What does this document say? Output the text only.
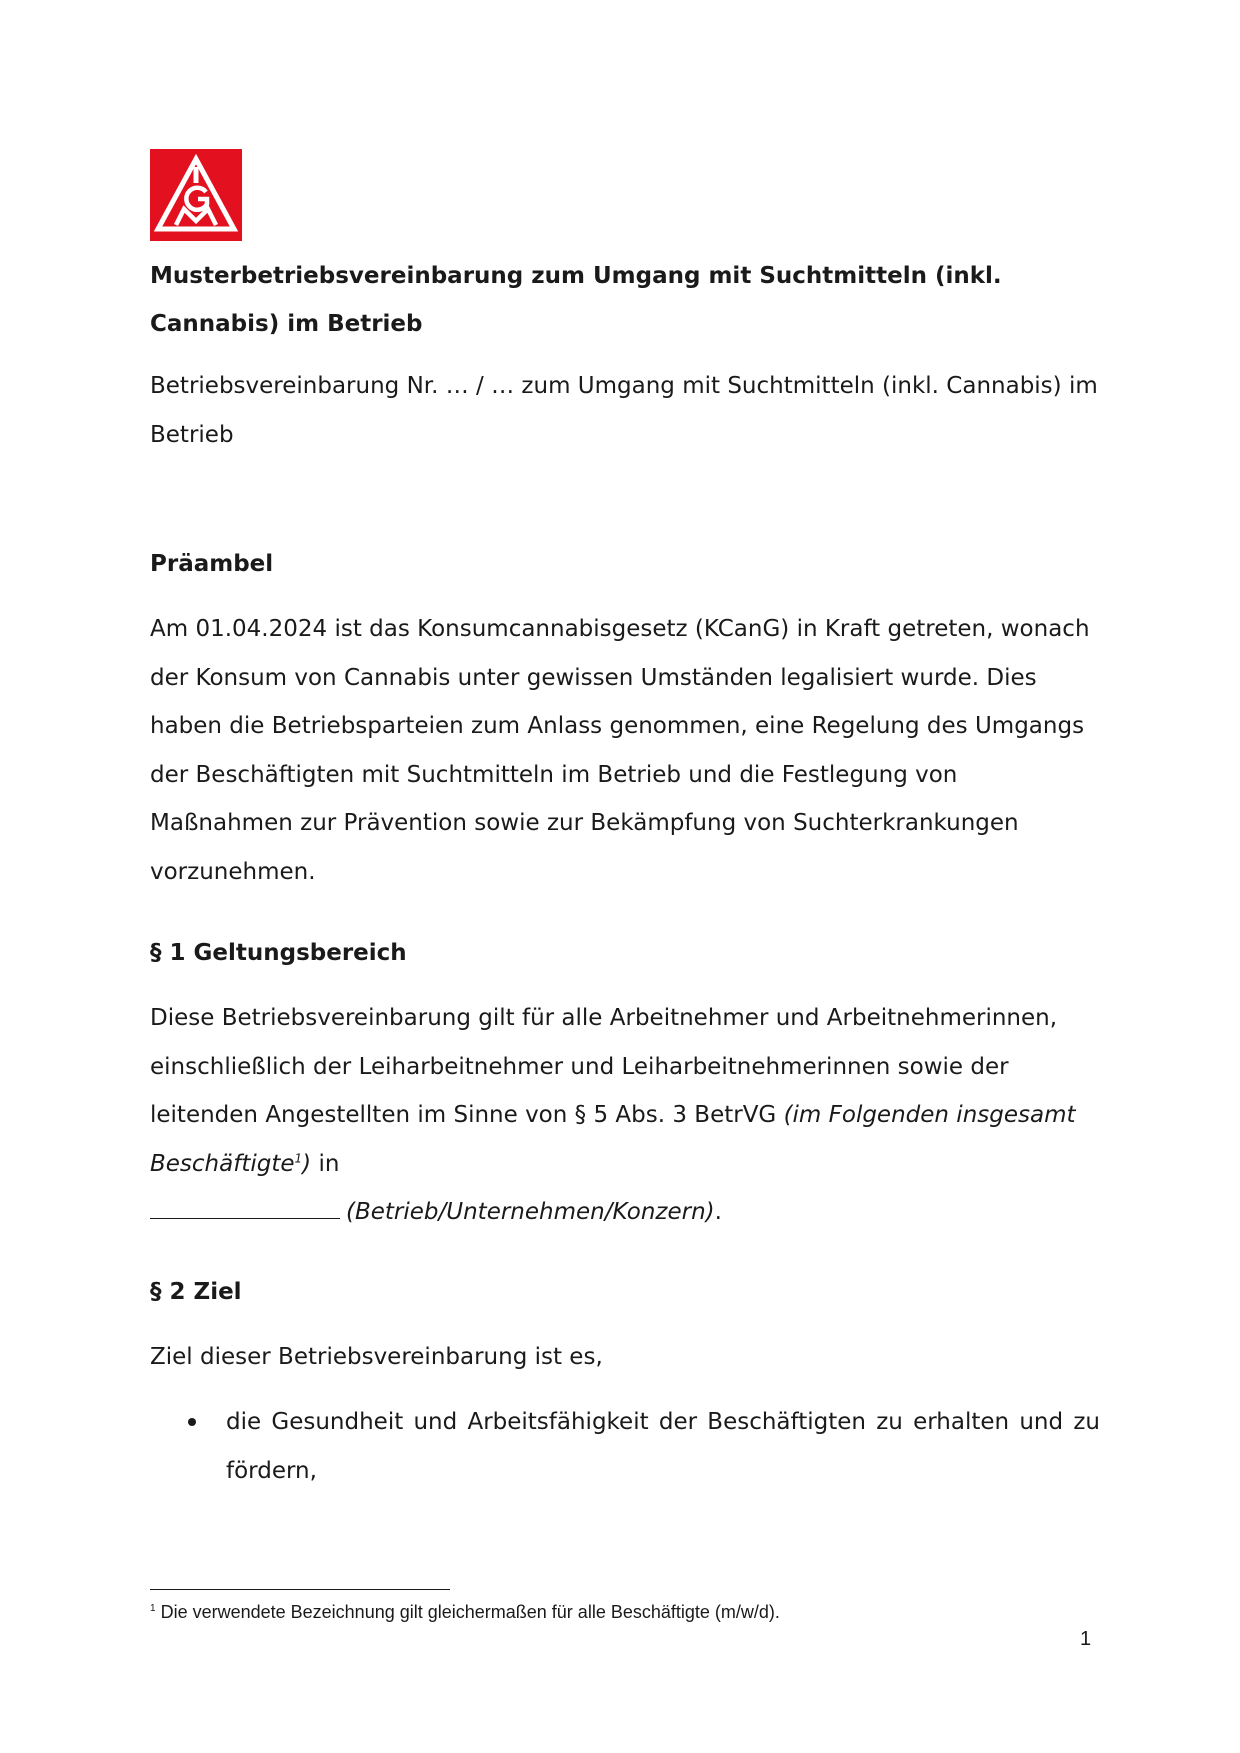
Musterbetriebsvereinbarung zum Umgang mit Suchtmitteln (inkl. Cannabis) im Betrieb
Betriebsvereinbarung Nr. … / … zum Umgang mit Suchtmitteln (inkl. Cannabis) im Betrieb
Präambel

Am 01.04.2024 ist das Konsumcannabisgesetz (KCanG) in Kraft getreten, wonach der Konsum von Cannabis unter gewissen Umständen legalisiert wurde. Dies haben die Betriebsparteien zum Anlass genommen, eine Regelung des Umgangs der Beschäftigten mit Suchtmitteln im Betrieb und die Festlegung von Maßnahmen zur Prävention sowie zur Bekämpfung von Suchterkrankungen vorzunehmen.

§ 1 Geltungsbereich

Diese Betriebsvereinbarung gilt für alle Arbeitnehmer und Arbeitnehmerinnen, einschließlich der Leiharbeitnehmer und Leiharbeitnehmerinnen sowie der leitenden Angestellten im Sinne von § 5 Abs. 3 BetrVG (im Folgenden insgesamt Beschäftigte$^1$) in
(Betrieb/Unternehmen/Konzern).

§ 2 Ziel
Ziel dieser Betriebsvereinbarung ist es,
die Gesundheit und Arbeitsfähigkeit der Beschäftigten zu erhalten und zu fördern,
$^1$ Die verwendete Bezeichnung gilt gleichermaßen für alle Beschäftigte (m/w/d).
1
